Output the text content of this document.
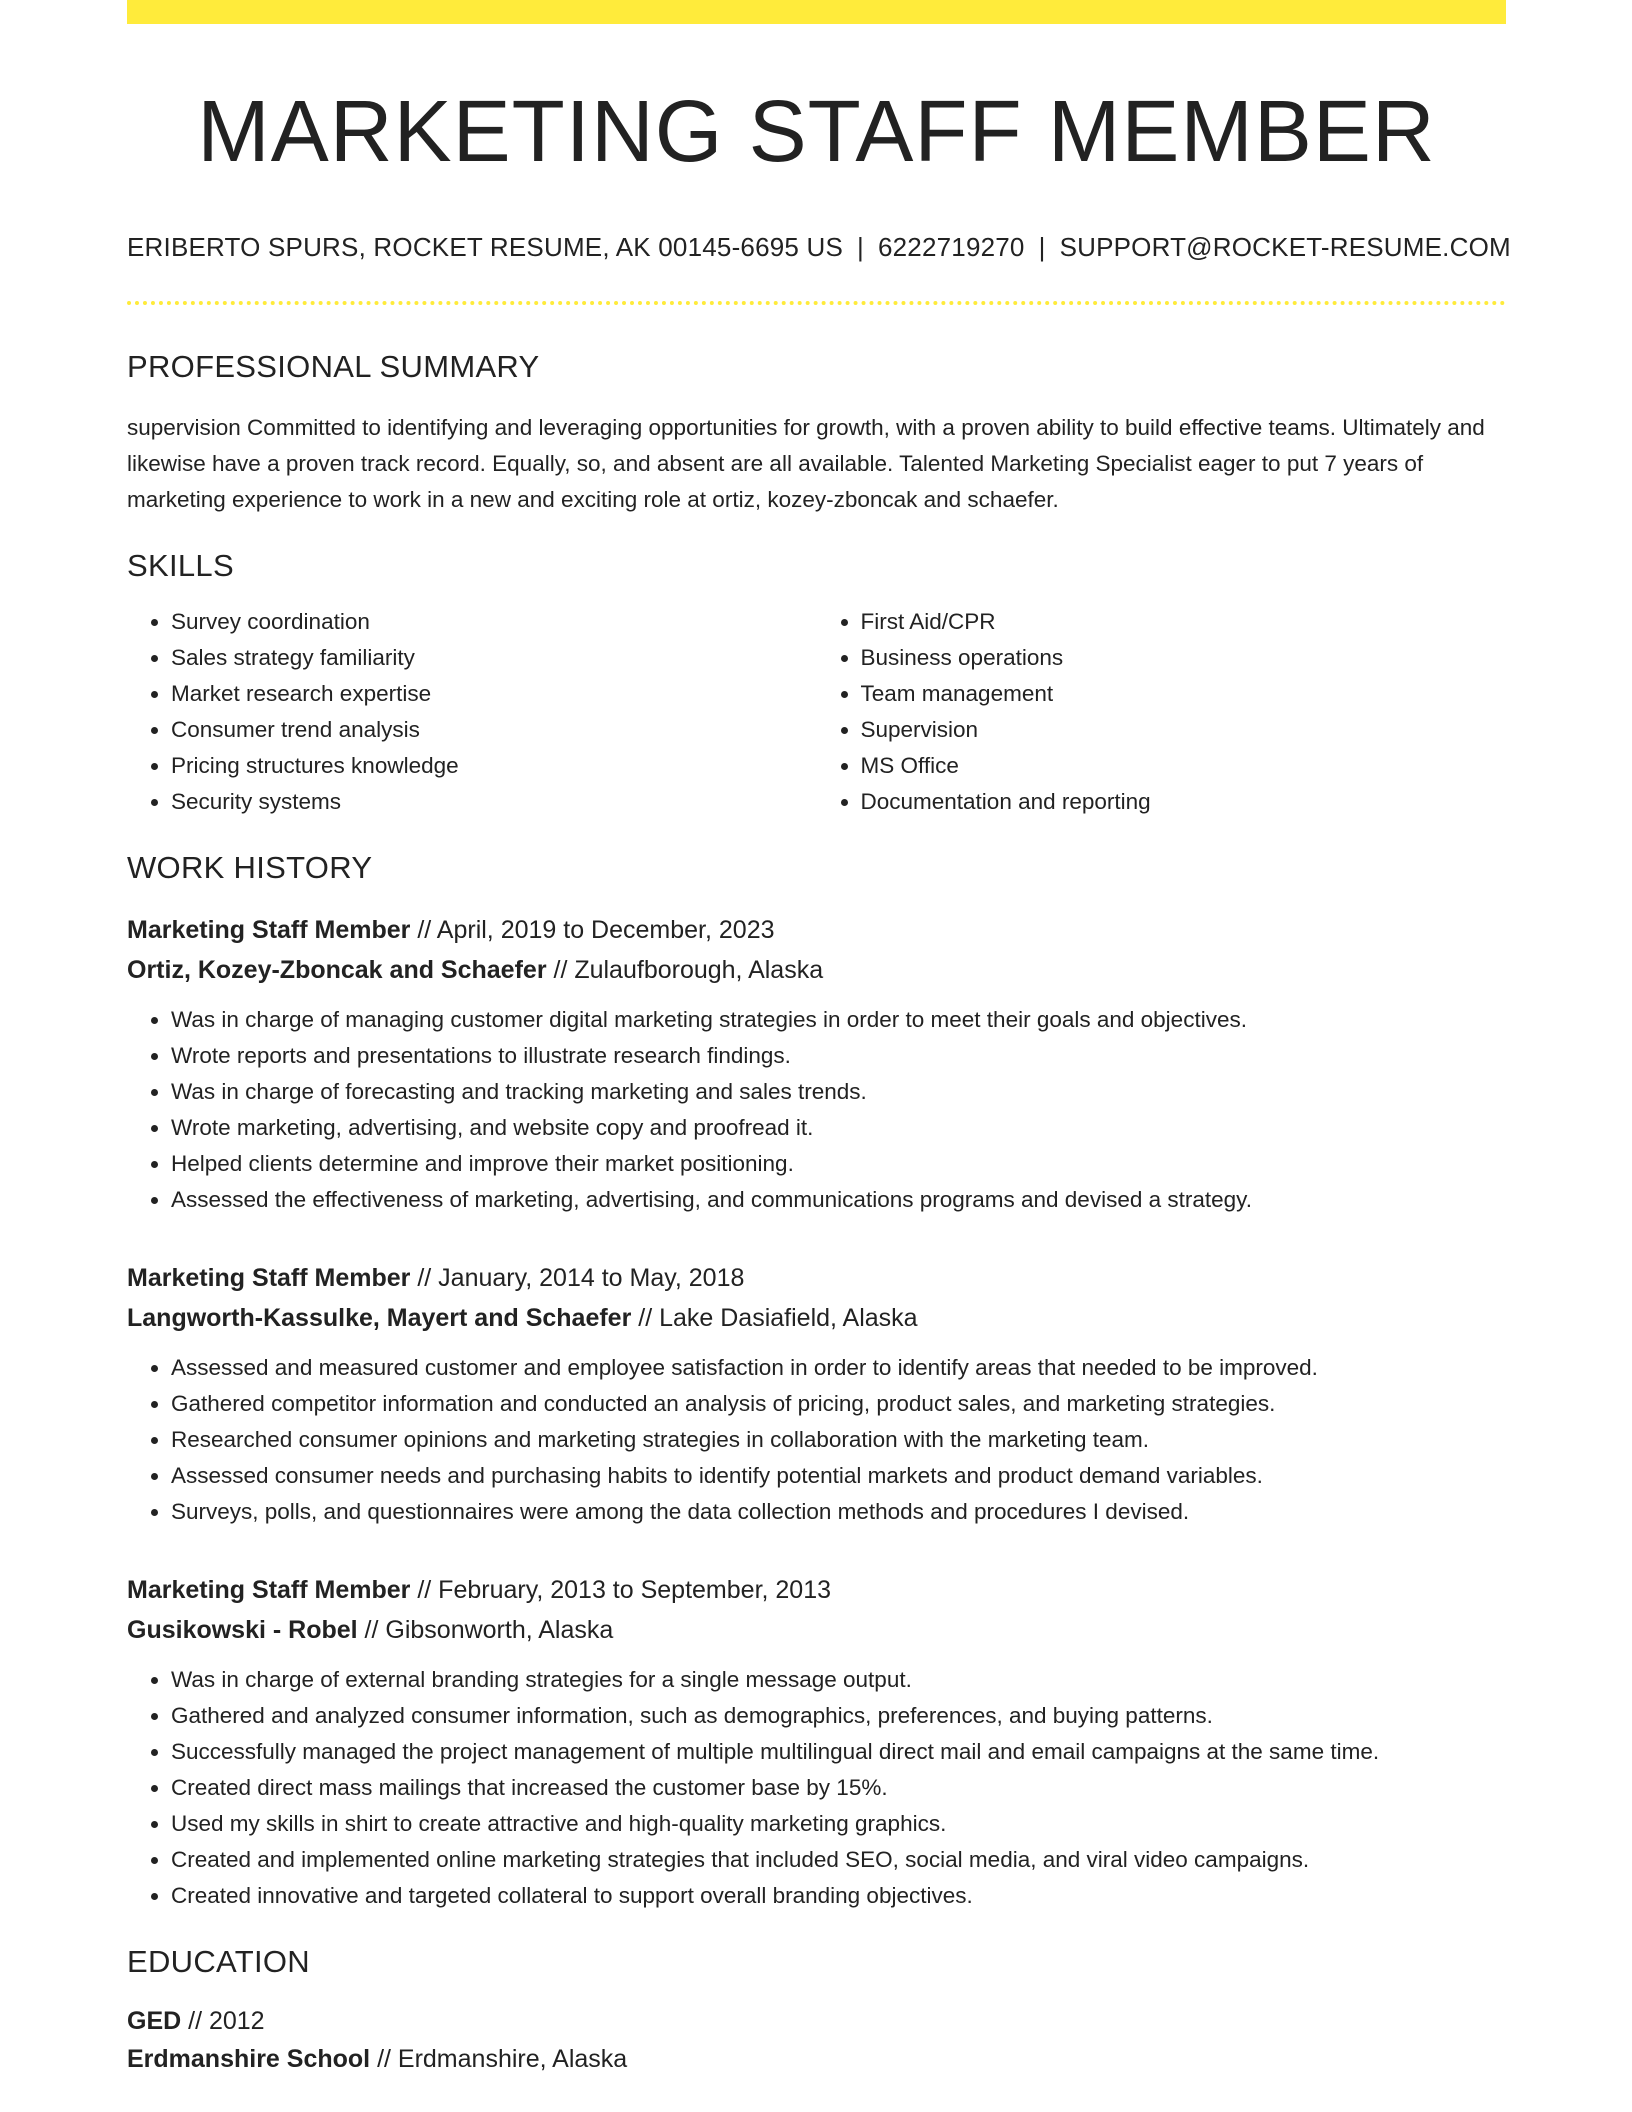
MARKETING STAFF MEMBER
ERIBERTO SPURS, ROCKET RESUME, AK 00145-6695 US | 6222719270 | SUPPORT@ROCKET-RESUME.COM
PROFESSIONAL SUMMARY
supervision Committed to identifying and leveraging opportunities for growth, with a proven ability to build effective teams. Ultimately and likewise have a proven track record. Equally, so, and absent are all available. Talented Marketing Specialist eager to put 7 years of marketing experience to work in a new and exciting role at ortiz, kozey-zboncak and schaefer.
SKILLS
• Survey coordination
• Sales strategy familiarity
• Market research expertise
• Consumer trend analysis
• Pricing structures knowledge
• Security systems
• First Aid/CPR
• Business operations
• Team management
• Supervision
• MS Office
• Documentation and reporting
WORK HISTORY
Marketing Staff Member // April, 2019 to December, 2023
Ortiz, Kozey-Zboncak and Schaefer // Zulaufborough, Alaska
• Was in charge of managing customer digital marketing strategies in order to meet their goals and objectives.
• Wrote reports and presentations to illustrate research findings.
• Was in charge of forecasting and tracking marketing and sales trends.
• Wrote marketing, advertising, and website copy and proofread it.
• Helped clients determine and improve their market positioning.
• Assessed the effectiveness of marketing, advertising, and communications programs and devised a strategy.
Marketing Staff Member // January, 2014 to May, 2018
Langworth-Kassulke, Mayert and Schaefer // Lake Dasiafield, Alaska
• Assessed and measured customer and employee satisfaction in order to identify areas that needed to be improved.
• Gathered competitor information and conducted an analysis of pricing, product sales, and marketing strategies.
• Researched consumer opinions and marketing strategies in collaboration with the marketing team.
• Assessed consumer needs and purchasing habits to identify potential markets and product demand variables.
• Surveys, polls, and questionnaires were among the data collection methods and procedures I devised.
Marketing Staff Member // February, 2013 to September, 2013
Gusikowski - Robel // Gibsonworth, Alaska
• Was in charge of external branding strategies for a single message output.
• Gathered and analyzed consumer information, such as demographics, preferences, and buying patterns.
• Successfully managed the project management of multiple multilingual direct mail and email campaigns at the same time.
• Created direct mass mailings that increased the customer base by 15%.
• Used my skills in shirt to create attractive and high-quality marketing graphics.
• Created and implemented online marketing strategies that included SEO, social media, and viral video campaigns.
• Created innovative and targeted collateral to support overall branding objectives.
EDUCATION
GED // 2012
Erdmanshire School // Erdmanshire, Alaska
